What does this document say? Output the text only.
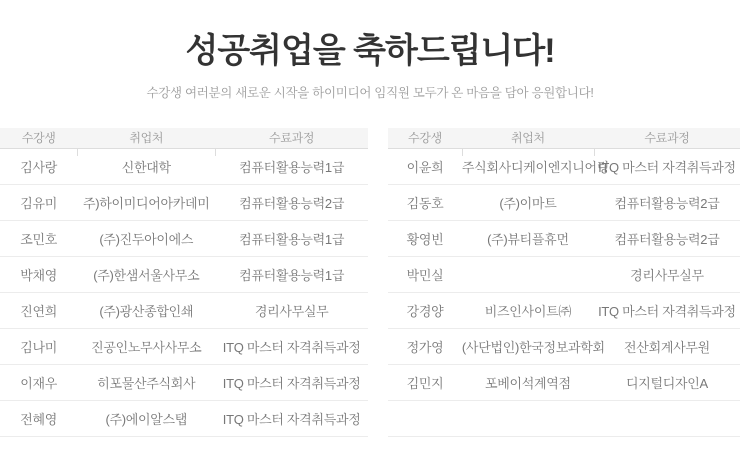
성공취업을 축하드립니다!

수강생 여러분의 새로운 시작을 하이미디어 임직원 모두가 온 마음을 담아 응원합니다!

수강생	취업처	수료과정
김사랑	신한대학	컴퓨터활용능력1급
김유미	주)하이미디어아카데미	컴퓨터활용능력2급
조민호	(주)진두아이에스	컴퓨터활용능력1급
박채영	(주)한샘서울사무소	컴퓨터활용능력1급
진연희	(주)광산종합인쇄	경리사무실무
김나미	진공인노무사사무소	ITQ 마스터 자격취득과정
이재우	히포물산주식회사	ITQ 마스터 자격취득과정
전혜영	(주)에이알스탭	ITQ 마스터 자격취득과정
수강생	취업처	수료과정
이윤희	주식회사디케이엔지니어링	ITQ 마스터 자격취득과정
김동호	(주)이마트	컴퓨터활용능력2급
황영빈	(주)뷰티플휴먼	컴퓨터활용능력2급
박민실		경리사무실무
강경양	비즈인사이트㈜	ITQ 마스터 자격취득과정
정가영	(사단법인)한국정보과학회	전산회계사무원
김민지	포베이석계역점	디지털디자인A
